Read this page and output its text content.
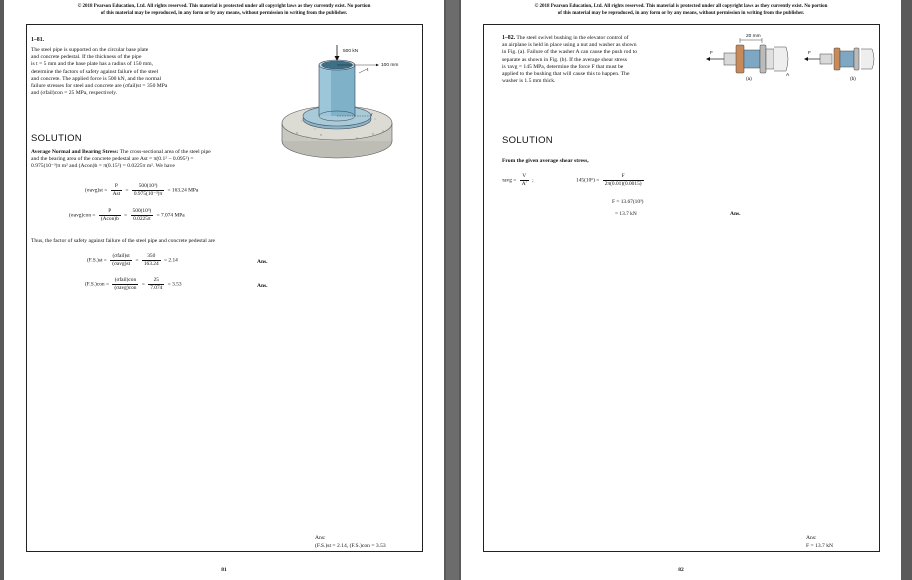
© 2018 Pearson Education, Ltd. All rights reserved. This material is protected under all copyright laws as they currently exist. No portion
of this material may be reproduced, in any form or by any means, without permission in writing from the publisher.
1–81.
The steel pipe is supported on the circular base plate
and concrete pedestal. If the thickness of the pipe
is t = 5 mm and the base plate has a radius of 150 mm,
determine the factors of safety against failure of the steel
and concrete. The applied force is 500 kN, and the normal
failure stresses for steel and concrete are (σfail)st = 350 MPa
and (σfail)con = 25 MPa, respectively.
500 kN
100 mm
t
r
SOLUTION
Average Normal and Bearing Stress: The cross-sectional area of the steel pipe
and the bearing area of the concrete pedestal are Ast = π(0.1² − 0.095²) =
0.975(10⁻³)π m² and (Acon)b = π(0.15²) = 0.0225π m². We have
$(\sigma avg)st = \frac{P}{\text{Ast}} = \frac{\text{500(10³)}}{\text{0.975(10⁻³)π}} = 163.24$ MPa
$(\sigma avg)con = \frac{P}{\text{(Acon)b}} = \frac{\text{500(10³)}}{0.0225\pi} = 7.074$ MPa
Thus, the factor of safety against failure of the steel pipe and concrete pedestal are
$(F.S.)st = \frac{\text{(σfail)st}}{\text{(σavg)st}} = \frac{350}{163.24} = 2.14$	Ans.
$(F.S.)con = \frac{\text{(σfail)con}}{\text{(σavg)con}} = \frac{25}{7.074} = 3.53$	Ans.
Ans:
(F.S.)st = 2.14, (F.S.)con = 3.53
81
© 2018 Pearson Education, Ltd. All rights reserved. This material is protected under all copyright laws as they currently exist. No portion
of this material may be reproduced, in any form or by any means, without permission in writing from the publisher.
1–82. The steel swivel bushing in the elevator control of
an airplane is held in place using a nut and washer as shown
in Fig. (a). Failure of the washer A can cause the push rod to
separate as shown in Fig. (b). If the average shear stress
is τavg = 145 MPa, determine the force F that must be
applied to the bushing that will cause this to happen. The
washer is 1.5 mm thick.
20 mm
F	F
A
(a)	(b)
SOLUTION
From the given average shear stress,
$\tau avg = \frac{V}{A'}$ ;	$145(10^6) = \frac{F}{2\pi(0.01)(0.0015)}$
F = 13.67(10³)
= 13.7 kN	Ans.
Ans:
F = 13.7 kN
82
